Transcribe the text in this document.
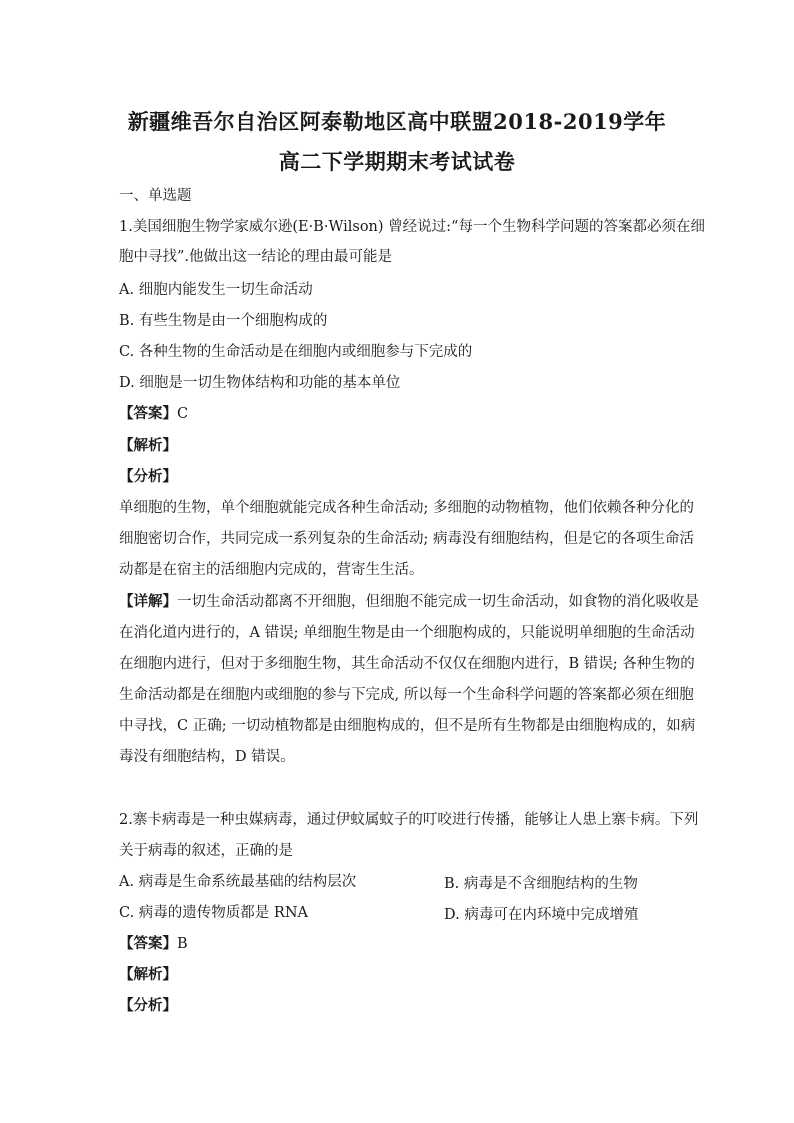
新疆维吾尔自治区阿泰勒地区高中联盟2018-2019学年
高二下学期期末考试试卷
一、单选题
1.美国细胞生物学家威尔逊(E·B·Wilson) 曾经说过:“每一个生物科学问题的答案都必须在细
胞中寻找”.他做出这一结论的理由最可能是
A. 细胞内能发生一切生命活动
B. 有些生物是由一个细胞构成的
C. 各种生物的生命活动是在细胞内或细胞参与下完成的
D. 细胞是一切生物体结构和功能的基本单位
【答案】C
【解析】
【分析】
单细胞的生物，单个细胞就能完成各种生命活动; 多细胞的动物植物，他们依赖各种分化的
细胞密切合作，共同完成一系列复杂的生命活动; 病毒没有细胞结构，但是它的各项生命活
动都是在宿主的活细胞内完成的，营寄生生活。
【详解】一切生命活动都离不开细胞，但细胞不能完成一切生命活动，如食物的消化吸收是
在消化道内进行的，A 错误; 单细胞生物是由一个细胞构成的，只能说明单细胞的生命活动
在细胞内进行，但对于多细胞生物，其生命活动不仅仅在细胞内进行，B 错误; 各种生物的
生命活动都是在细胞内或细胞的参与下完成, 所以每一个生命科学问题的答案都必须在细胞
中寻找，C 正确; 一切动植物都是由细胞构成的，但不是所有生物都是由细胞构成的，如病
毒没有细胞结构，D 错误。
2.寨卡病毒是一种虫媒病毒，通过伊蚊属蚊子的叮咬进行传播，能够让人患上寨卡病。下列
关于病毒的叙述，正确的是
A. 病毒是生命系统最基础的结构层次	B. 病毒是不含细胞结构的生物
C. 病毒的遗传物质都是 RNA	D. 病毒可在内环境中完成增殖
【答案】B
【解析】
【分析】
